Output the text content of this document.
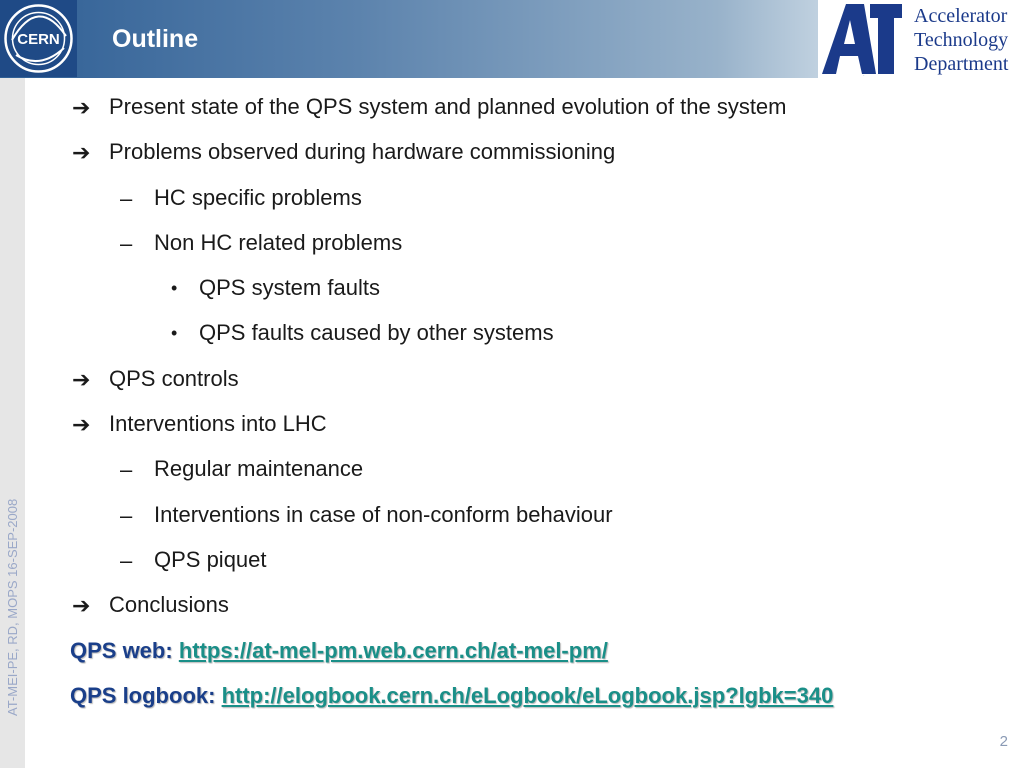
CERN Outline
AT
Accelerator
Technology
Department
AT-MEI-PE, RD, MOPS 16-SEP-2008
➔ Present state of the QPS system and planned evolution of the system
➔ Problems observed during hardware commissioning
– HC specific problems
– Non HC related problems
• QPS system faults
• QPS faults caused by other systems
➔ QPS controls
➔ Interventions into LHC
– Regular maintenance
– Interventions in case of non-conform behaviour
– QPS piquet
➔ Conclusions
QPS web: https://at-mel-pm.web.cern.ch/at-mel-pm/
QPS logbook: http://elogbook.cern.ch/eLogbook/eLogbook.jsp?lgbk=340
2
